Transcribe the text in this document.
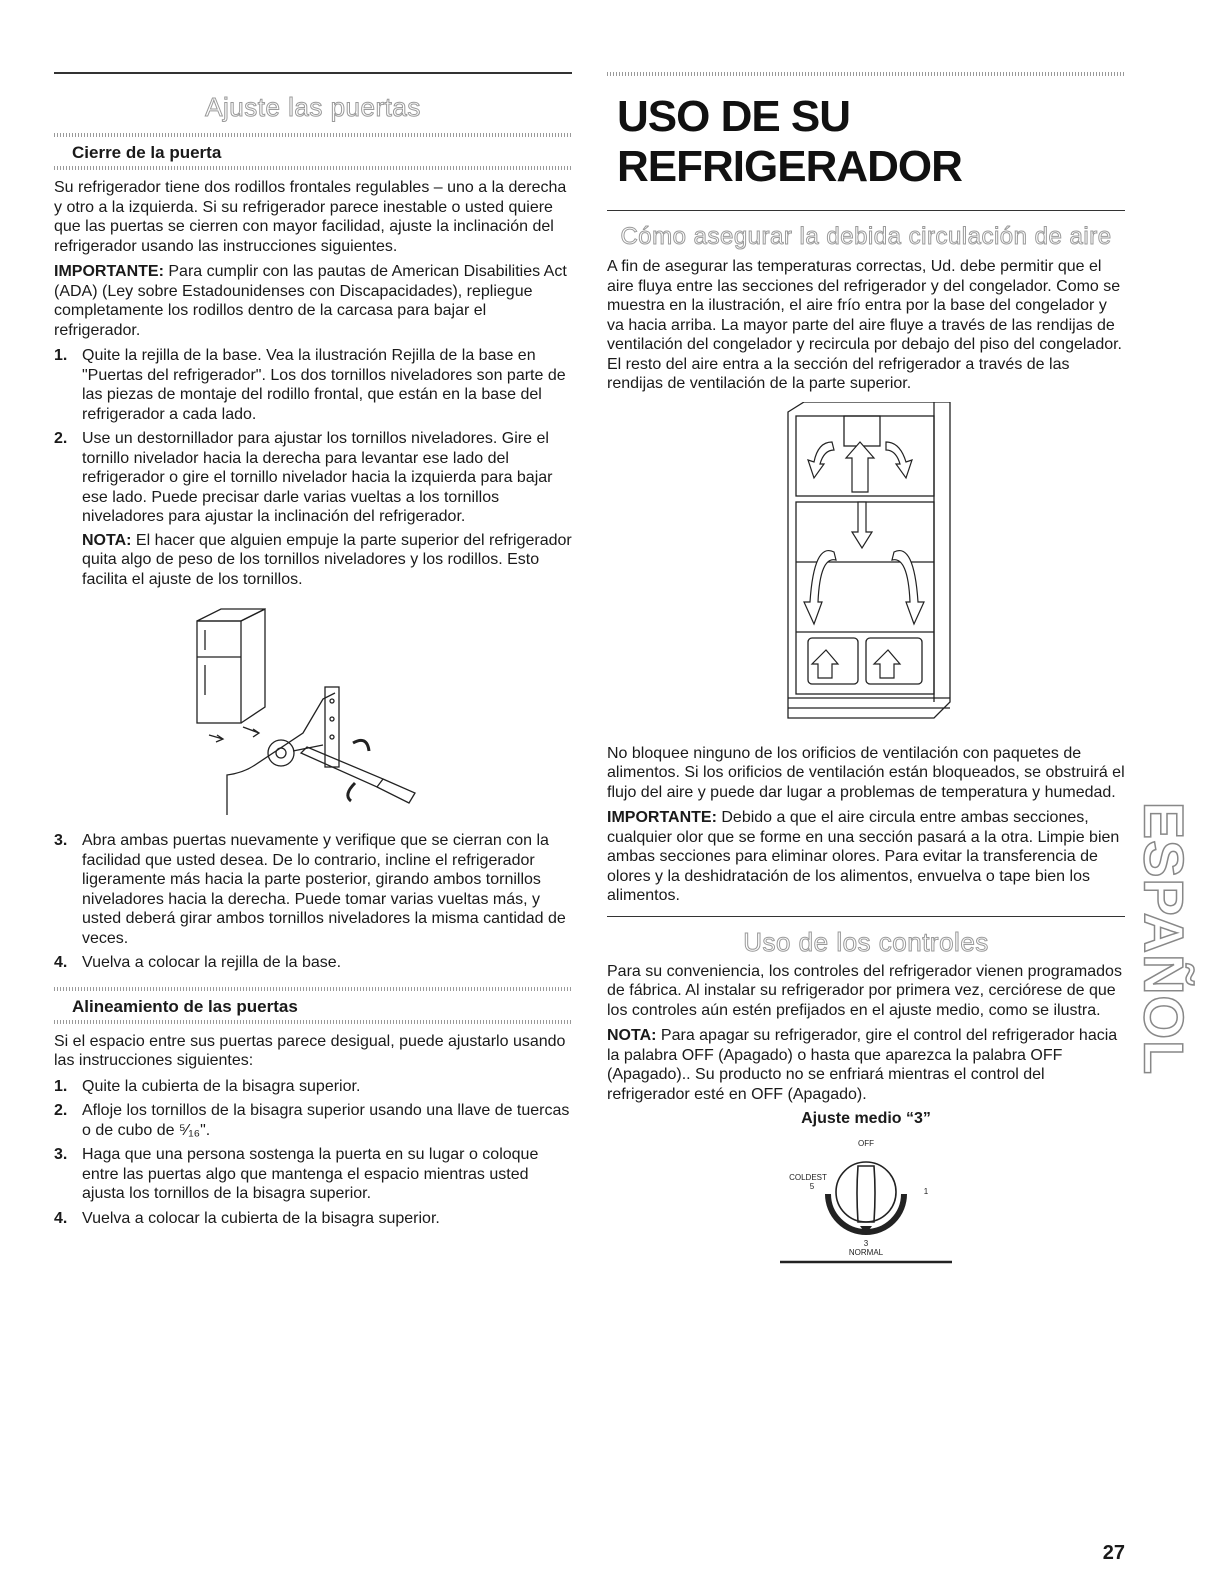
Ajuste las puertas
Cierre de la puerta

Su refrigerador tiene dos rodillos frontales regulables – uno a la derecha y otro a la izquierda. Si su refrigerador parece inestable o usted quiere que las puertas se cierren con mayor facilidad, ajuste la inclinación del refrigerador usando las instrucciones siguientes.

IMPORTANTE: Para cumplir con las pautas de American Disabilities Act (ADA) (Ley sobre Estadounidenses con Discapacidades), repliegue completamente los rodillos dentro de la carcasa para bajar el refrigerador.

1. Quite la rejilla de la base. Vea la ilustración Rejilla de la base en "Puertas del refrigerador". Los dos tornillos niveladores son parte de las piezas de montaje del rodillo frontal, que están en la base del refrigerador a cada lado.
2. Use un destornillador para ajustar los tornillos niveladores. Gire el tornillo nivelador hacia la derecha para levantar ese lado del refrigerador o gire el tornillo nivelador hacia la izquierda para bajar ese lado. Puede precisar darle varias vueltas a los tornillos niveladores para ajustar la inclinación del refrigerador.

NOTA: El hacer que alguien empuje la parte superior del refrigerador quita algo de peso de los tornillos niveladores y los rodillos. Esto facilita el ajuste de los tornillos.

3. Abra ambas puertas nuevamente y verifique que se cierran con la facilidad que usted desea. De lo contrario, incline el refrigerador ligeramente más hacia la parte posterior, girando ambos tornillos niveladores hacia la derecha. Puede tomar varias vueltas más, y usted deberá girar ambos tornillos niveladores la misma cantidad de veces.
4. Vuelva a colocar la rejilla de la base.
Alineamiento de las puertas

Si el espacio entre sus puertas parece desigual, puede ajustarlo usando las instrucciones siguientes:

1. Quite la cubierta de la bisagra superior.
2. Afloje los tornillos de la bisagra superior usando una llave de tuercas o de cubo de ⁵⁄₁₆".
3. Haga que una persona sostenga la puerta en su lugar o coloque entre las puertas algo que mantenga el espacio mientras usted ajusta los tornillos de la bisagra superior.
4. Vuelva a colocar la cubierta de la bisagra superior.
USO DE SU REFRIGERADOR
Cómo asegurar la debida circulación de aire

A fin de asegurar las temperaturas correctas, Ud. debe permitir que el aire fluya entre las secciones del refrigerador y del congelador. Como se muestra en la ilustración, el aire frío entra por la base del congelador y va hacia arriba. La mayor parte del aire fluye a través de las rendijas de ventilación del congelador y recircula por debajo del piso del congelador. El resto del aire entra a la sección del refrigerador a través de las rendijas de ventilación de la parte superior.

No bloquee ninguno de los orificios de ventilación con paquetes de alimentos. Si los orificios de ventilación están bloqueados, se obstruirá el flujo del aire y puede dar lugar a problemas de temperatura y humedad.

IMPORTANTE: Debido a que el aire circula entre ambas secciones, cualquier olor que se forme en una sección pasará a la otra. Limpie bien ambas secciones para eliminar olores. Para evitar la transferencia de olores y la deshidratación de los alimentos, envuelva o tape bien los alimentos.

Uso de los controles

Para su conveniencia, los controles del refrigerador vienen programados de fábrica. Al instalar su refrigerador por primera vez, cerciórese de que los controles aún estén prefijados en el ajuste medio, como se ilustra.

NOTA: Para apagar su refrigerador, gire el control del refrigerador hacia la palabra OFF (Apagado) o hasta que aparezca la palabra OFF (Apagado).. Su producto no se enfriará mientras el control del refrigerador esté en OFF (Apagado).

Ajuste medio “3”
OFF
COLDEST
5
1
3
NORMAL
ESPAÑOL
27
